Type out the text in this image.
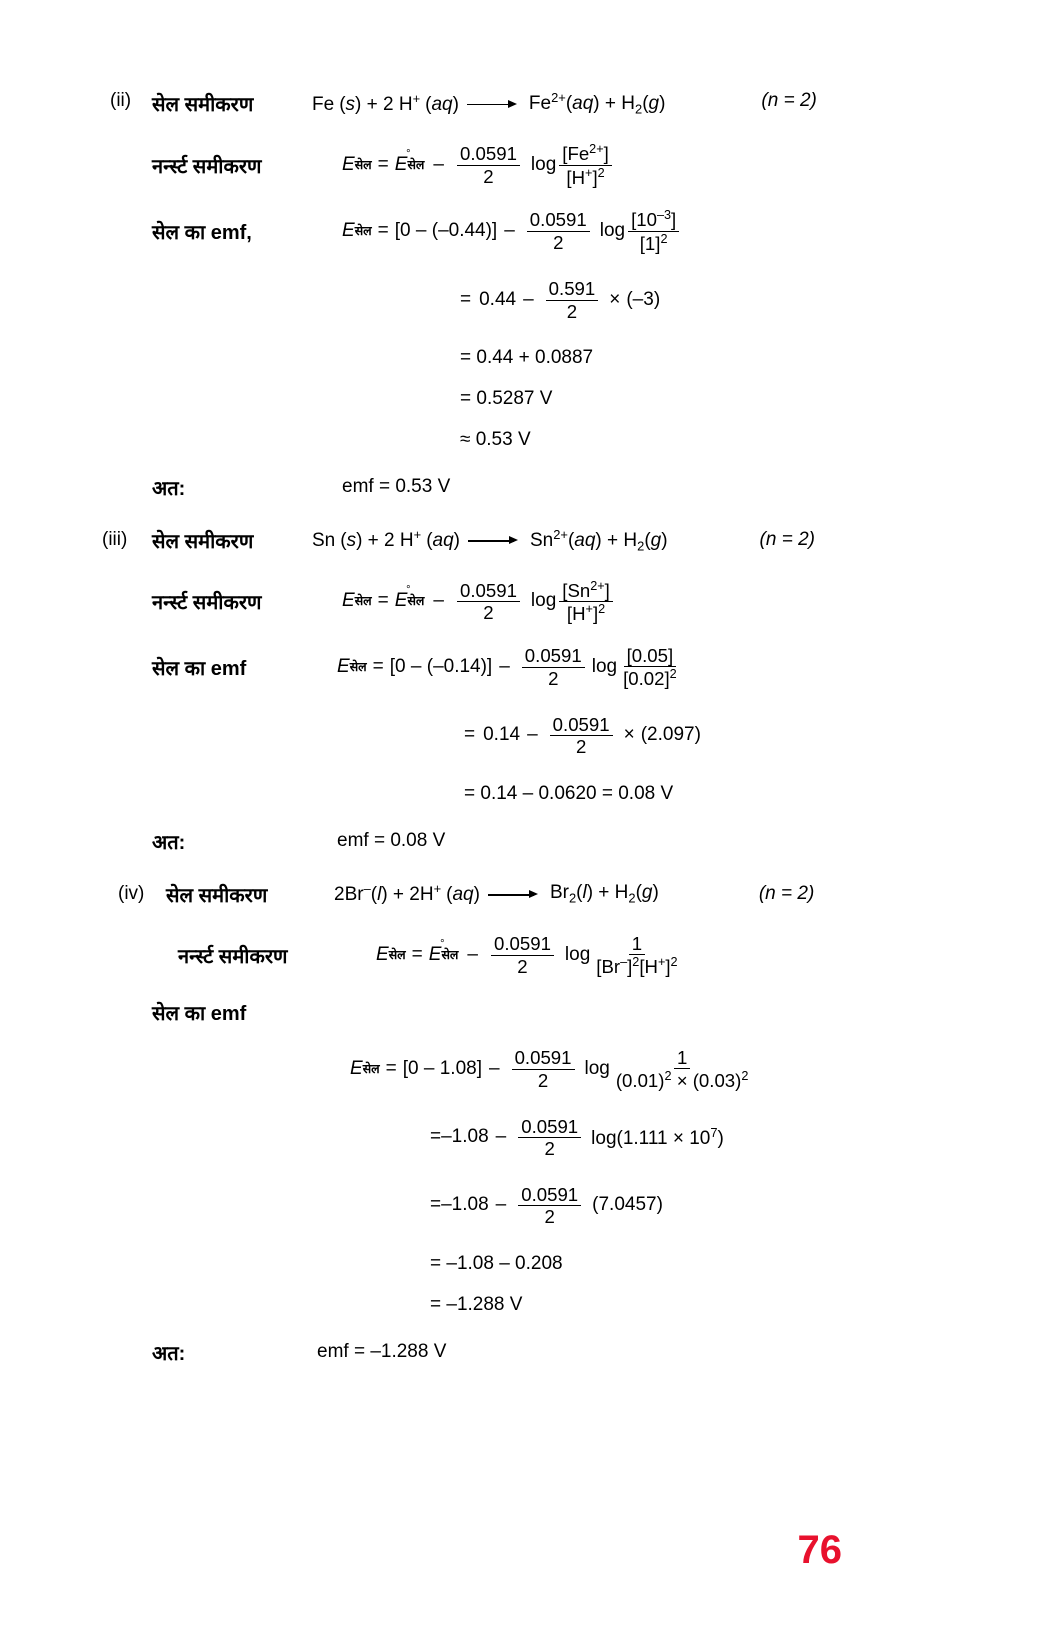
(ii)	सेल समीकरण	Fe (s) + 2 H+ (aq)	$Fe^{2+}(aq) + H_2(g)$	(n = 2)
नर्न्स्ट समीकरण	E सेल = E
°
सेल – $\frac{0.0591}{2}$ $\log \frac{[Fe^{2+}]}{[H^+]^2}$
सेल का emf,	E सेल = $[0 - (-0.44)] - \frac{0.0591}{2}$ $\log \frac{[10^{-3}]}{[1]^2}$
= $0.44 - \frac{0.591}{2} \times (-3)$
= 0.44 + 0.0887
= 0.5287 V
≈ 0.53 V
अत:	emf = 0.53 V
(iii)	सेल समीकरण	Sn (s) + 2 H+ (aq)	$Sn^{2+}(aq) + H_2(g)$	(n = 2)
नर्न्स्ट समीकरण	E सेल = E
°
सेल – $\frac{0.0591}{2}$ $\log \frac{[Sn^{2+}]}{[H^+]^2}$
सेल का emf	E सेल = $[0 - (-0.14)] - \frac{0.0591}{2}$ $\log \frac{[0.05]}{[0.02]^2}$
= $0.14 - \frac{0.0591}{2} \times (2.097)$
= 0.14 – 0.0620 = 0.08 V
अत:	emf = 0.08 V
(iv)	सेल समीकरण	2Br–(l) + 2H+ (aq)	$Br_2(l) + H_2(g)$	(n = 2)
नर्न्स्ट समीकरण	E सेल = E
°
सेल – $\frac{0.0591}{2}$ $\log \frac{1}{[Br^-]^2[H^+]^2}$
सेल का emf
E सेल = $[0 - 1.08] - \frac{0.0591}{2}$ $\log \frac{1}{(0.01)^2 \times (0.03)^2}$
= $-1.08 - \frac{0.0591}{2} \log(1.111 \times 10^7)$
= $-1.08 - \frac{0.0591}{2} (7.0457)$
= –1.08 – 0.208
= –1.288 V
अत:	emf = –1.288 V
76
